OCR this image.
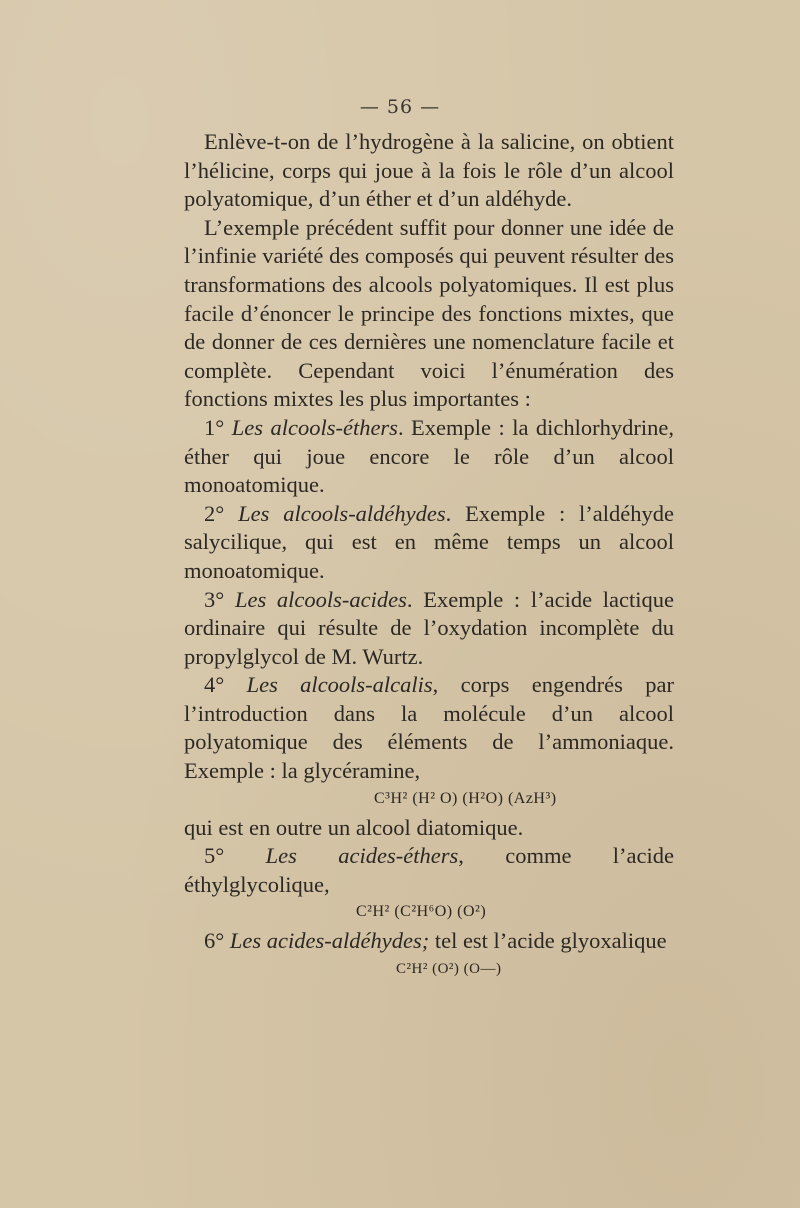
— 56 —

Enlève-t-on de l’hydrogène à la salicine, on obtient l’hélicine, corps qui joue à la fois le rôle d’un alcool polyatomique, d’un éther et d’un aldéhyde.

L’exemple précédent suffit pour donner une idée de l’infinie variété des composés qui peuvent résulter des transformations des alcools polyatomiques. Il est plus facile d’énoncer le principe des fonctions mixtes, que de donner de ces dernières une nomenclature facile et complète. Cependant voici l’énumération des fonctions mixtes les plus importantes :

1° Les alcools-éthers. Exemple : la dichlorhydrine, éther qui joue encore le rôle d’un alcool monoatomique.

2° Les alcools-aldéhydes. Exemple : l’aldéhyde salycilique, qui est en même temps un alcool monoatomique.

3° Les alcools-acides. Exemple : l’acide lactique ordinaire qui résulte de l’oxydation incomplète du propylglycol de M. Wurtz.

4° Les alcools-alcalis, corps engendrés par l’introduction dans la molécule d’un alcool polyatomique des éléments de l’ammoniaque. Exemple : la glycéramine,

C³H² (H² O) (H²O) (AzH³)

qui est en outre un alcool diatomique.

5° Les acides-éthers, comme l’acide éthylglycolique,

C²H² (C²H⁶O) (O²)

6° Les acides-aldéhydes; tel est l’acide glyoxalique

C²H² (O²) (O—)
